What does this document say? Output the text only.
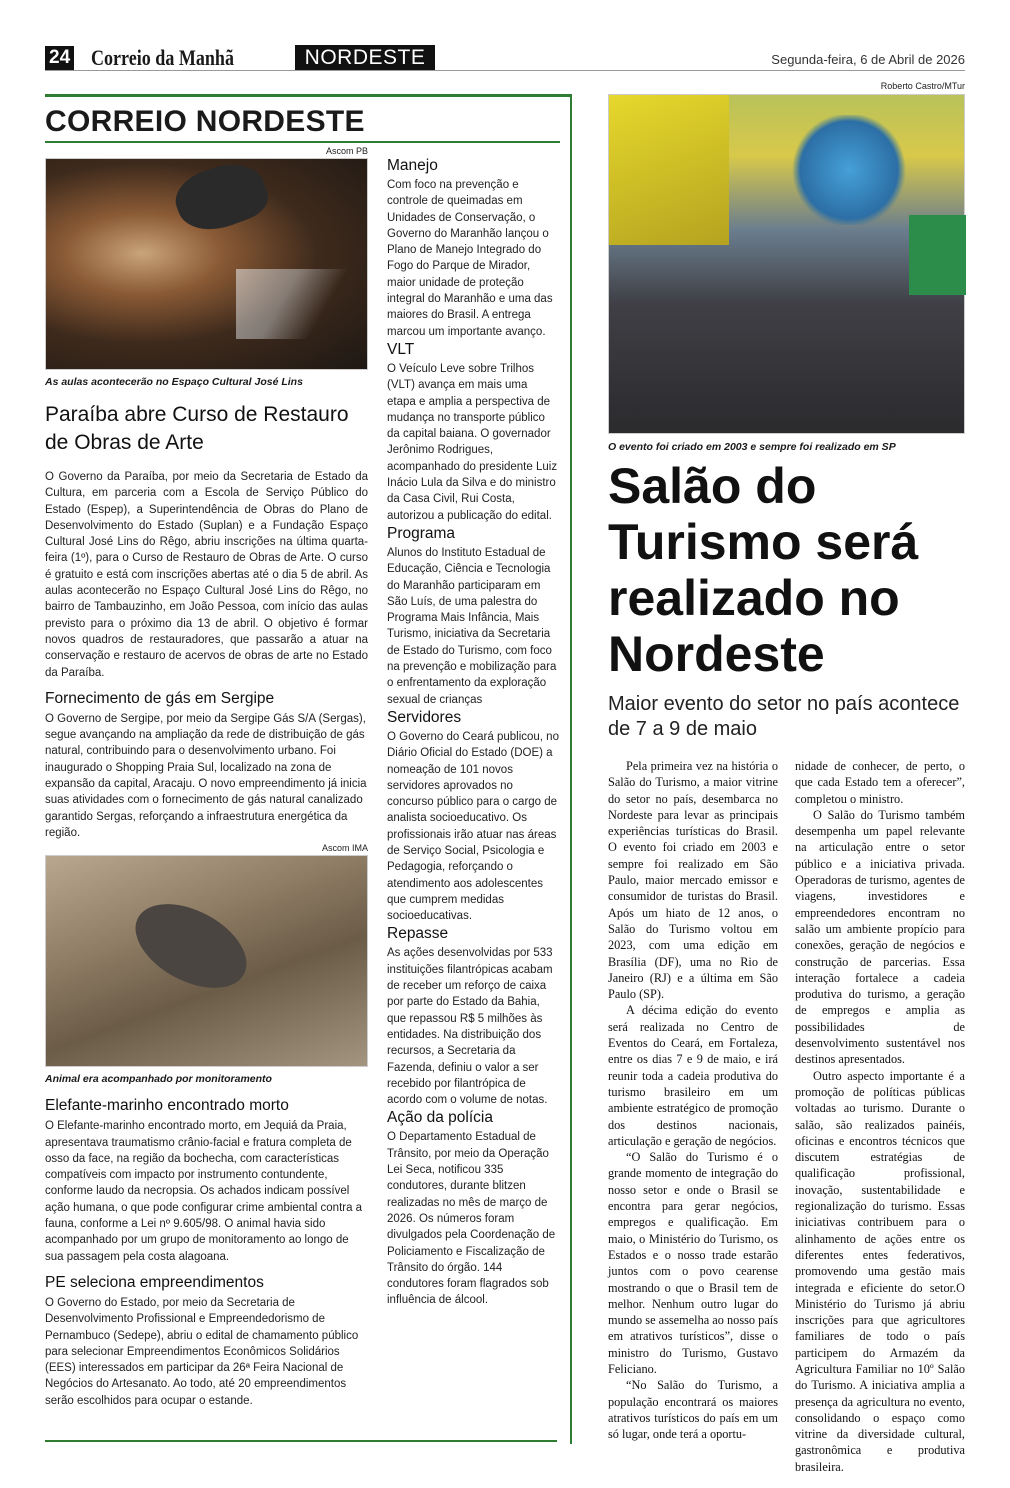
24 Correio da Manhã	NORDESTE	Segunda-feira, 6 de Abril de 2026
CORREIO NORDESTE
Ascom PB
As aulas acontecerão no Espaço Cultural José Lins
Paraíba abre Curso de Restauro de Obras de Arte
O Governo da Paraíba, por meio da Secretaria de Estado da Cultura, em parceria com a Escola de Serviço Público do Estado (Espep), a Superintendência de Obras do Plano de Desenvolvimento do Estado (Suplan) e a Fundação Espaço Cultural José Lins do Rêgo, abriu inscrições na última quarta-feira (1º), para o Curso de Restauro de Obras de Arte. O curso é gratuito e está com inscrições abertas até o dia 5 de abril. As aulas acontecerão no Espaço Cultural José Lins do Rêgo, no bairro de Tambauzinho, em João Pessoa, com início das aulas previsto para o próximo dia 13 de abril. O objetivo é formar novos quadros de restauradores, que passarão a atuar na conservação e restauro de acervos de obras de arte no Estado da Paraíba.
Fornecimento de gás em Sergipe
O Governo de Sergipe, por meio da Sergipe Gás S/A (Sergas), segue avançando na ampliação da rede de distribuição de gás natural, contribuindo para o desenvolvimento urbano. Foi inaugurado o Shopping Praia Sul, localizado na zona de expansão da capital, Aracaju. O novo empreendimento já inicia suas atividades com o fornecimento de gás natural canalizado garantido Sergas, reforçando a infraestrutura energética da região.
Ascom IMA
Animal era acompanhado por monitoramento
Elefante-marinho encontrado morto
O Elefante-marinho encontrado morto, em Jequiá da Praia, apresentava traumatismo crânio-facial e fratura completa de osso da face, na região da bochecha, com características compatíveis com impacto por instrumento contundente, conforme laudo da necropsia. Os achados indicam possível ação humana, o que pode configurar crime ambiental contra a fauna, conforme a Lei nº 9.605/98. O animal havia sido acompanhado por um grupo de monitoramento ao longo de sua passagem pela costa alagoana.
PE seleciona empreendimentos
O Governo do Estado, por meio da Secretaria de Desenvolvimento Profissional e Empreendedorismo de Pernambuco (Sedepe), abriu o edital de chamamento público para selecionar Empreendimentos Econômicos Solidários (EES) interessados em participar da 26ª Feira Nacional de Negócios do Artesanato. Ao todo, até 20 empreendimentos serão escolhidos para ocupar o estande.
Manejo
Com foco na prevenção e controle de queimadas em Unidades de Conservação, o Governo do Maranhão lançou o Plano de Manejo Integrado do Fogo do Parque de Mirador, maior unidade de proteção integral do Maranhão e uma das maiores do Brasil. A entrega marcou um importante avanço.
VLT
O Veículo Leve sobre Trilhos (VLT) avança em mais uma etapa e amplia a perspectiva de mudança no transporte público da capital baiana. O governador Jerônimo Rodrigues, acompanhado do presidente Luiz Inácio Lula da Silva e do ministro da Casa Civil, Rui Costa, autorizou a publicação do edital.
Programa
Alunos do Instituto Estadual de Educação, Ciência e Tecnologia do Maranhão participaram em São Luís, de uma palestra do Programa Mais Infância, Mais Turismo, iniciativa da Secretaria de Estado do Turismo, com foco na prevenção e mobilização para o enfrentamento da exploração sexual de crianças
Servidores
O Governo do Ceará publicou, no Diário Oficial do Estado (DOE) a nomeação de 101 novos servidores aprovados no concurso público para o cargo de analista socioeducativo. Os profissionais irão atuar nas áreas de Serviço Social, Psicologia e Pedagogia, reforçando o atendimento aos adolescentes que cumprem medidas socioeducativas.
Repasse
As ações desenvolvidas por 533 instituições filantrópicas acabam de receber um reforço de caixa por parte do Estado da Bahia, que repassou R$ 5 milhões às entidades. Na distribuição dos recursos, a Secretaria da Fazenda, definiu o valor a ser recebido por filantrópica de acordo com o volume de notas.
Ação da polícia
O Departamento Estadual de Trânsito, por meio da Operação Lei Seca, notificou 335 condutores, durante blitzen realizadas no mês de março de 2026. Os números foram divulgados pela Coordenação de Policiamento e Fiscalização de Trânsito do órgão. 144 condutores foram flagrados sob influência de álcool.
Roberto Castro/MTur
O evento foi criado em 2003 e sempre foi realizado em SP
Salão do Turismo será realizado no Nordeste
Maior evento do setor no país acontece de 7 a 9 de maio

Pela primeira vez na história o Salão do Turismo, a maior vitrine do setor no país, desembarca no Nordeste para levar as principais experiências turísticas do Brasil. O evento foi criado em 2003 e sempre foi realizado em São Paulo, maior mercado emissor e consumidor de turistas do Brasil. Após um hiato de 12 anos, o Salão do Turismo voltou em 2023, com uma edição em Brasília (DF), uma no Rio de Janeiro (RJ) e a última em São Paulo (SP).

A décima edição do evento será realizada no Centro de Eventos do Ceará, em Fortaleza, entre os dias 7 e 9 de maio, e irá reunir toda a cadeia produtiva do turismo brasileiro em um ambiente estratégico de promoção dos destinos nacionais, articulação e geração de negócios.

“O Salão do Turismo é o grande momento de integração do nosso setor e onde o Brasil se encontra para gerar negócios, empregos e qualificação. Em maio, o Ministério do Turismo, os Estados e o nosso trade estarão juntos com o povo cearense mostrando o que o Brasil tem de melhor. Nenhum outro lugar do mundo se assemelha ao nosso país em atrativos turísticos”, disse o ministro do Turismo, Gustavo Feliciano.

“No Salão do Turismo, a população encontrará os maiores atrativos turísticos do país em um só lugar, onde terá a oportu-

nidade de conhecer, de perto, o que cada Estado tem a oferecer”, completou o ministro.

O Salão do Turismo também desempenha um papel relevante na articulação entre o setor público e a iniciativa privada. Operadoras de turismo, agentes de viagens, investidores e empreendedores encontram no salão um ambiente propício para conexões, geração de negócios e construção de parcerias. Essa interação fortalece a cadeia produtiva do turismo, a geração de empregos e amplia as possibilidades de desenvolvimento sustentável nos destinos apresentados.

Outro aspecto importante é a promoção de políticas públicas voltadas ao turismo. Durante o salão, são realizados painéis, oficinas e encontros técnicos que discutem estratégias de qualificação profissional, inovação, sustentabilidade e regionalização do turismo. Essas iniciativas contribuem para o alinhamento de ações entre os diferentes entes federativos, promovendo uma gestão mais integrada e eficiente do setor.O Ministério do Turismo já abriu inscrições para que agricultores familiares de todo o país participem do Armazém da Agricultura Familiar no 10º Salão do Turismo. A iniciativa amplia a presença da agricultura no evento, consolidando o espaço como vitrine da diversidade cultural, gastronômica e produtiva brasileira.
